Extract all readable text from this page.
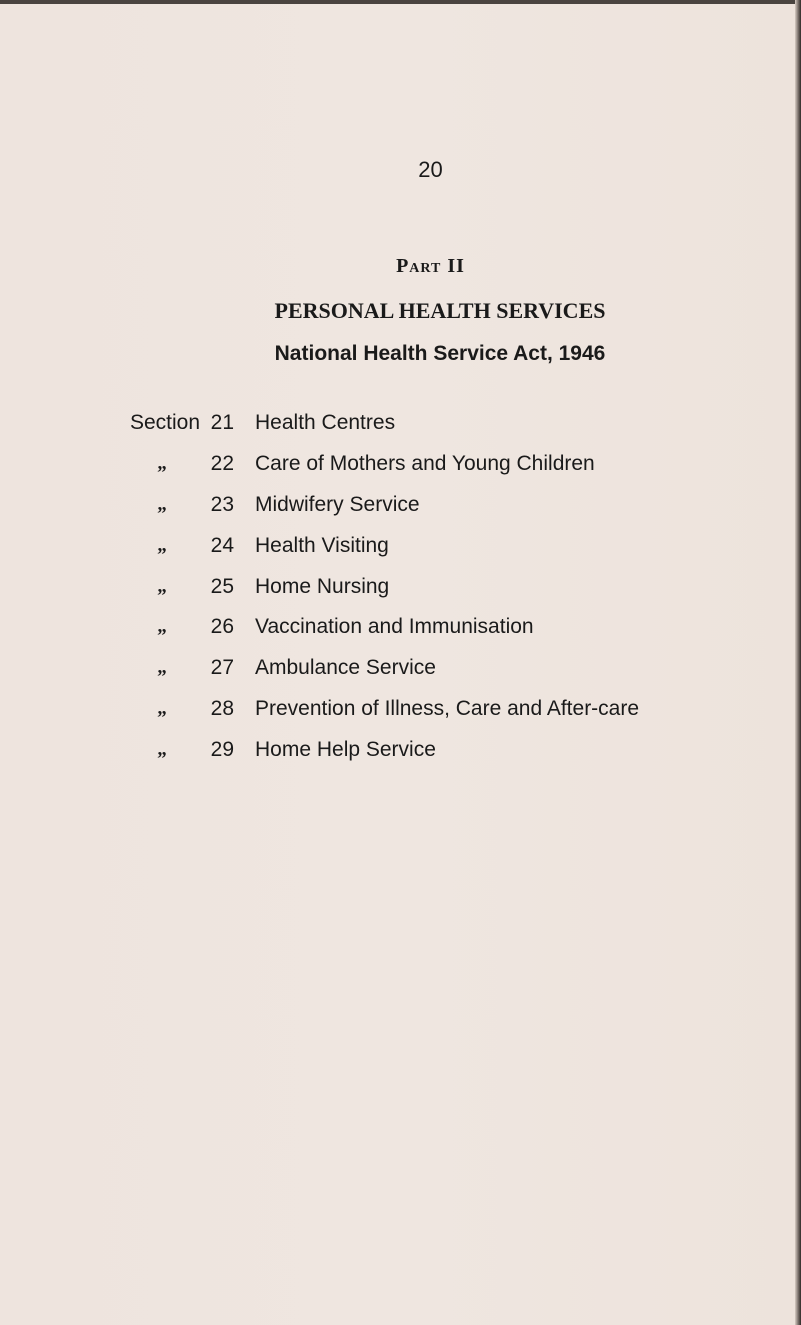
20
Part II
PERSONAL HEALTH SERVICES
National Health Service Act, 1946
Section 21 Health Centres
„	22 Care of Mothers and Young Children
„	23 Midwifery Service
„	24 Health Visiting
„	25 Home Nursing
„	26 Vaccination and Immunisation
„	27 Ambulance Service
„	28 Prevention of Illness, Care and After-care
„	29 Home Help Service
